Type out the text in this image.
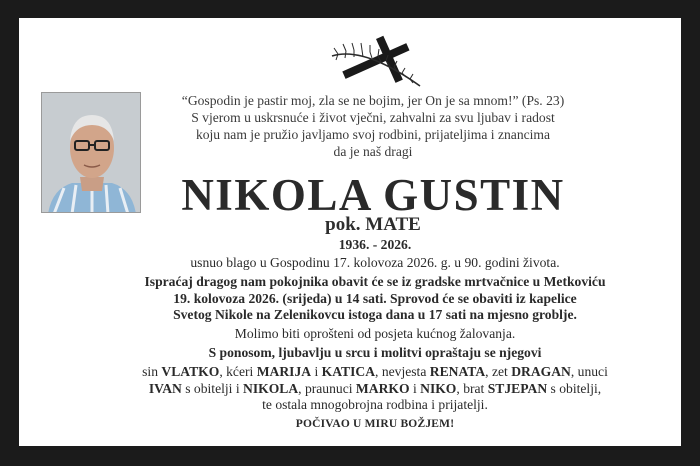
“Gospodin je pastir moj, zla se ne bojim, jer On je sa mnom!” (Ps. 23)
S vjerom u uskrsnuće i život vječni, zahvalni za svu ljubav i radost
koju nam je pružio javljamo svoj rodbini, prijateljima i znancima
da je naš dragi
NIKOLA GUSTIN
pok. MATE
1936. - 2026.
usnuo blago u Gospodinu 17. kolovoza 2026. g. u 90. godini života.
Ispraćaj dragog nam pokojnika obavit će se iz gradske mrtvačnice u Metkoviću
19. kolovoza 2026. (srijeda) u 14 sati. Sprovod će se obaviti iz kapelice
Svetog Nikole na Zelenikovcu istoga dana u 17 sati na mjesno groblje.
Molimo biti oprošteni od posjeta kućnog žalovanja.
S ponosom, ljubavlju u srcu i molitvi opraštaju se njegovi
sin VLATKO, kćeri MARIJA i KATICA, nevjesta RENATA, zet DRAGAN, unuci
IVAN s obitelji i NIKOLA, praunuci MARKO i NIKO, brat STJEPAN s obitelji,
te ostala mnogobrojna rodbina i prijatelji.
POČIVAO U MIRU BOŽJEM!
